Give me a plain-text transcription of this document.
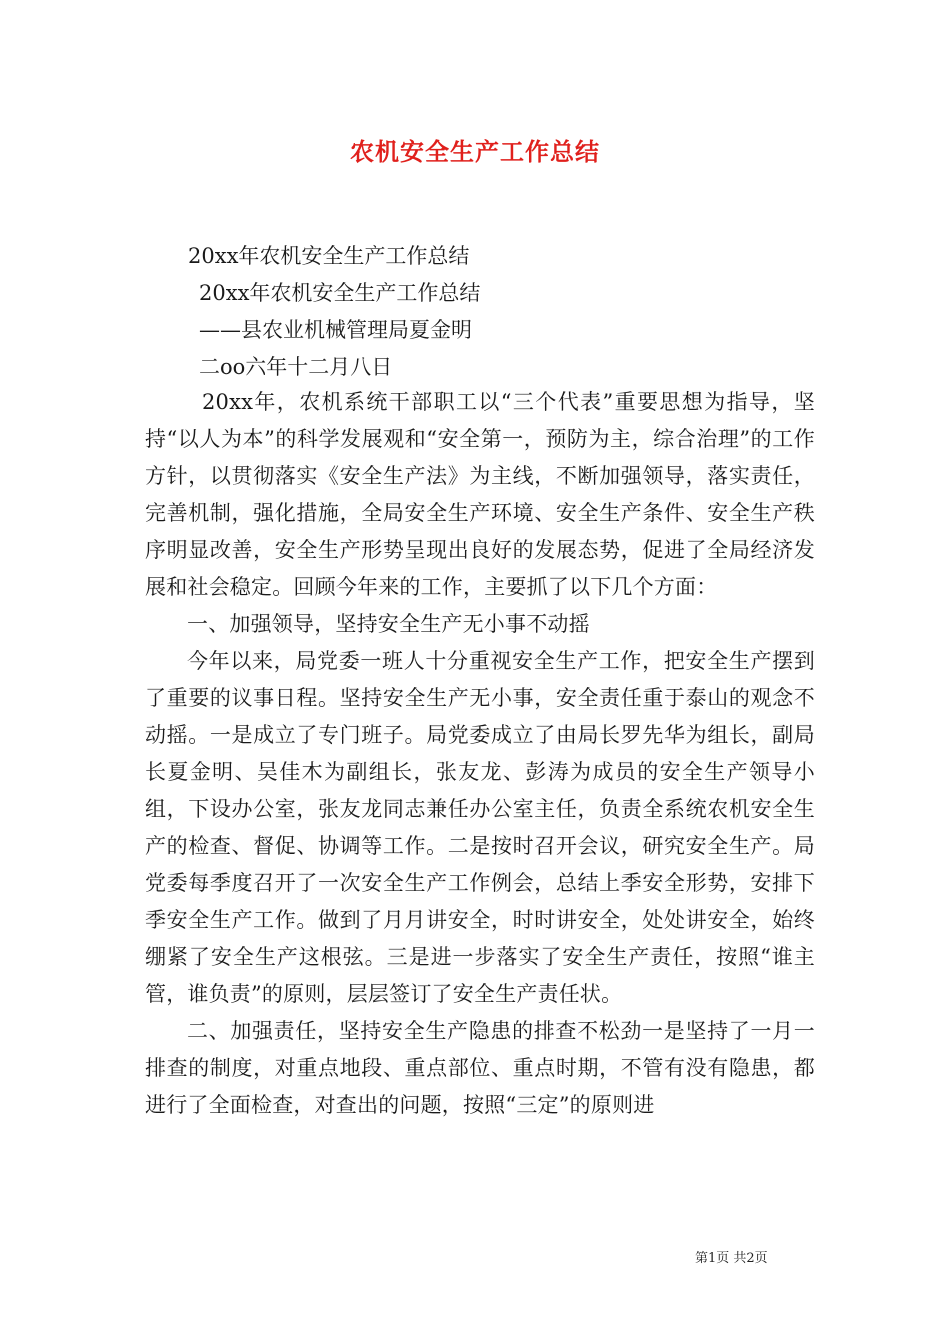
农机安全生产工作总结
20xx年农机安全生产工作总结
20xx年农机安全生产工作总结
——县农业机械管理局夏金明
二oo六年十二月八日

20xx年，农机系统干部职工以“三个代表”重要思想为指导，坚持“以人为本”的科学发展观和“安全第一，预防为主，综合治理”的工作方针，以贯彻落实《安全生产法》为主线，不断加强领导，落实责任，完善机制，强化措施，全局安全生产环境、安全生产条件、安全生产秩序明显改善，安全生产形势呈现出良好的发展态势，促进了全局经济发展和社会稳定。回顾今年来的工作，主要抓了以下几个方面：

一、加强领导，坚持安全生产无小事不动摇

今年以来，局党委一班人十分重视安全生产工作，把安全生产摆到了重要的议事日程。坚持安全生产无小事，安全责任重于泰山的观念不动摇。一是成立了专门班子。局党委成立了由局长罗先华为组长，副局长夏金明、吴佳木为副组长，张友龙、彭涛为成员的安全生产领导小组，下设办公室，张友龙同志兼任办公室主任，负责全系统农机安全生产的检查、督促、协调等工作。二是按时召开会议，研究安全生产。局党委每季度召开了一次安全生产工作例会，总结上季安全形势，安排下季安全生产工作。做到了月月讲安全，时时讲安全，处处讲安全，始终绷紧了安全生产这根弦。三是进一步落实了安全生产责任，按照“谁主管，谁负责”的原则，层层签订了安全生产责任状。

二、加强责任，坚持安全生产隐患的排查不松劲一是坚持了一月一排查的制度，对重点地段、重点部位、重点时期，不管有没有隐患，都进行了全面检查，对查出的问题，按照“三定”的原则进

第1页 共2页
